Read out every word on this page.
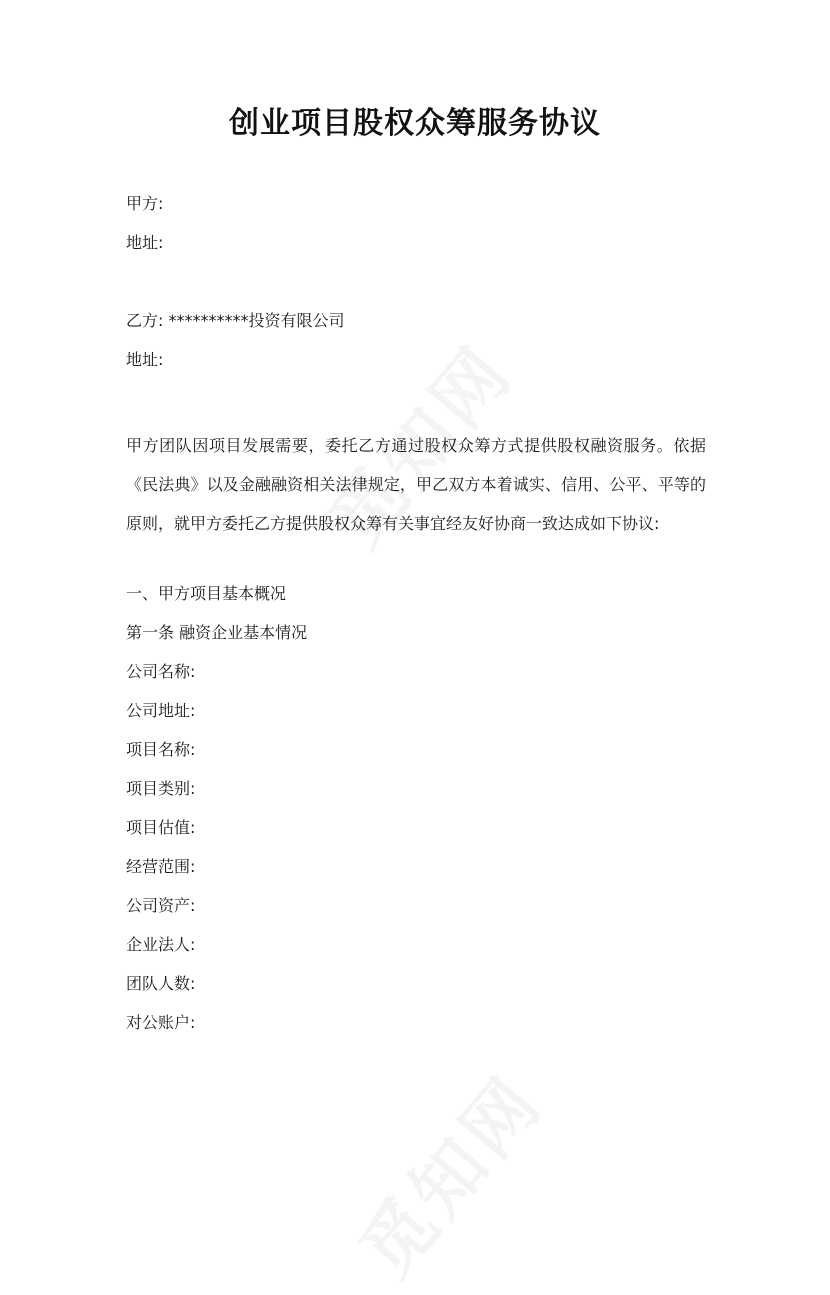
创业项目股权众筹服务协议
甲方:
地址:
乙方: **********投资有限公司
地址:
甲方团队因项目发展需要，委托乙方通过股权众筹方式提供股权融资服务。依据《民法典》以及金融融资相关法律规定，甲乙双方本着诚实、信用、公平、平等的原则，就甲方委托乙方提供股权众筹有关事宜经友好协商一致达成如下协议:
一、甲方项目基本概况
第一条 融资企业基本情况
公司名称:
公司地址:
项目名称:
项目类别:
项目估值:
经营范围:
公司资产:
企业法人:
团队人数:
对公账户:
